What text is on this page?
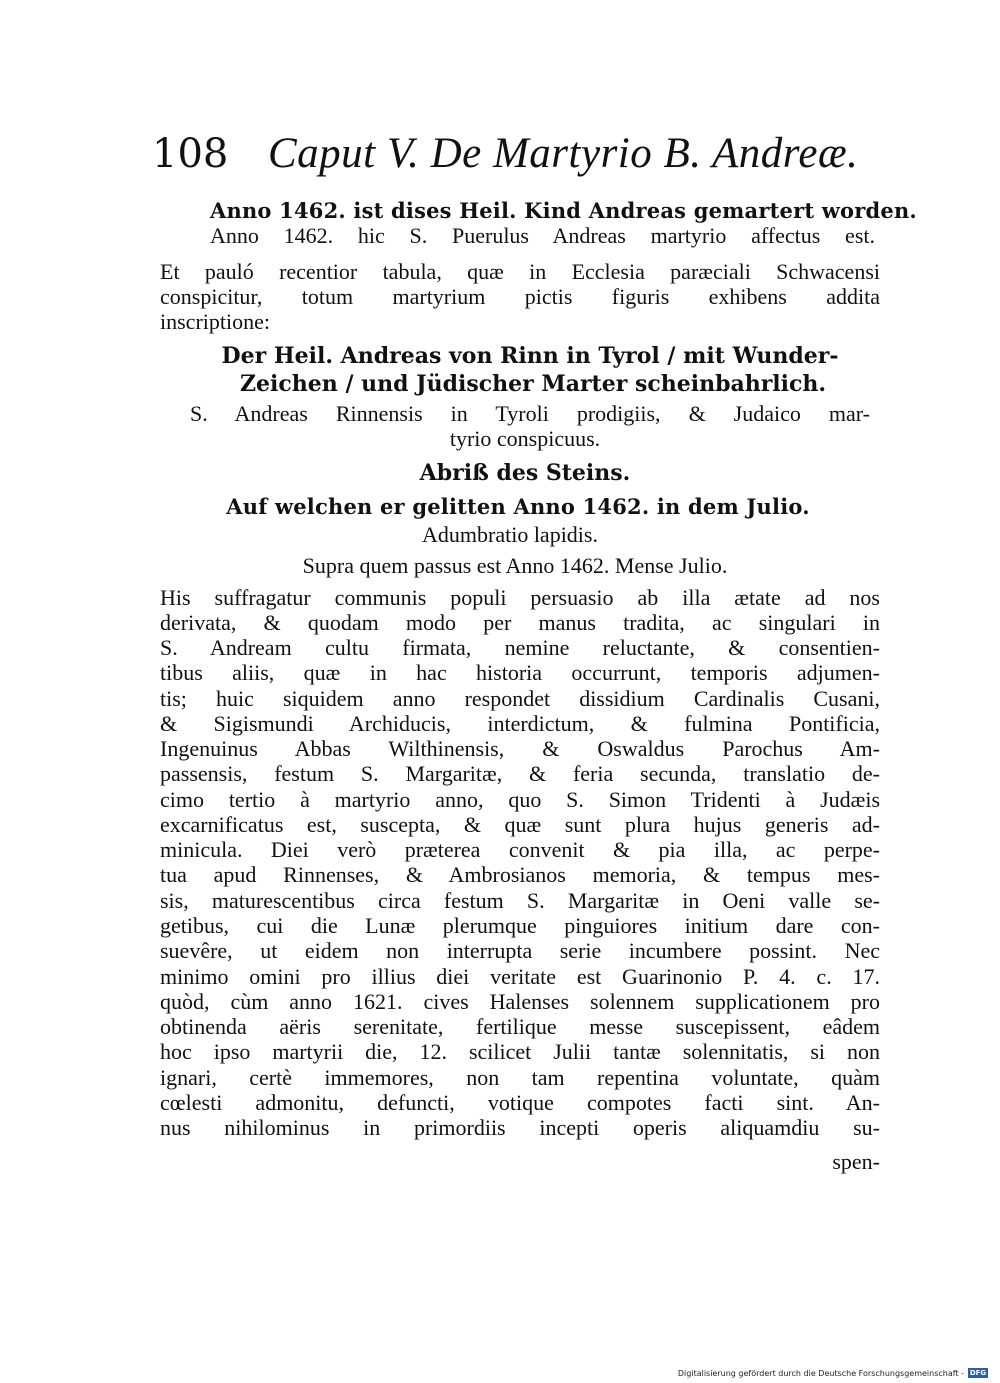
108 Caput V. De Martyrio B. Andreæ.
Anno 1462. ist dises Heil. Kind Andreas gemartert worden.
Anno 1462. hic S. Puerulus Andreas martyrio affectus est.
Et pauló recentior tabula, quæ in Ecclesia paræciali Schwacensi
conspicitur, totum martyrium pictis figuris exhibens addita
inscriptione:
Der Heil. Andreas von Rinn in Tyrol / mit Wunder-
Zeichen / und Jüdischer Marter scheinbahrlich.
S. Andreas Rinnensis in Tyroli prodigiis, & Judaico mar-
tyrio conspicuus.
Abriß des Steins.
Auf welchen er gelitten Anno 1462. in dem Julio.
Adumbratio lapidis.
Supra quem passus est Anno 1462. Mense Julio.
His suffragatur communis populi persuasio ab illa ætate ad nos
derivata, & quodam modo per manus tradita, ac singulari in
S. Andream cultu firmata, nemine reluctante, & consentien-
tibus aliis, quæ in hac historia occurrunt, temporis adjumen-
tis; huic siquidem anno respondet dissidium Cardinalis Cusani,
& Sigismundi Archiducis, interdictum, & fulmina Pontificia,
Ingenuinus Abbas Wilthinensis, & Oswaldus Parochus Am-
passensis, festum S. Margaritæ, & feria secunda, translatio de-
cimo tertio à martyrio anno, quo S. Simon Tridenti à Judæis
excarnificatus est, suscepta, & quæ sunt plura hujus generis ad-
minicula. Diei verò præterea convenit & pia illa, ac perpe-
tua apud Rinnenses, & Ambrosianos memoria, & tempus mes-
sis, maturescentibus circa festum S. Margaritæ in Oeni valle se-
getibus, cui die Lunæ plerumque pinguiores initium dare con-
suevêre, ut eidem non interrupta serie incumbere possint. Nec
minimo omini pro illius diei veritate est Guarinonio P. 4. c. 17.
quòd, cùm anno 1621. cives Halenses solennem supplicationem pro
obtinenda aëris serenitate, fertilique messe suscepissent, eâdem
hoc ipso martyrii die, 12. scilicet Julii tantæ solennitatis, si non
ignari, certè immemores, non tam repentina voluntate, quàm
cœlesti admonitu, defuncti, votique compotes facti sint. An-
nus nihilominus in primordiis incepti operis aliquamdiu su-
spen-
Digitalisierung gefördert durch die Deutsche Forschungsgemeinschaft - DFG
